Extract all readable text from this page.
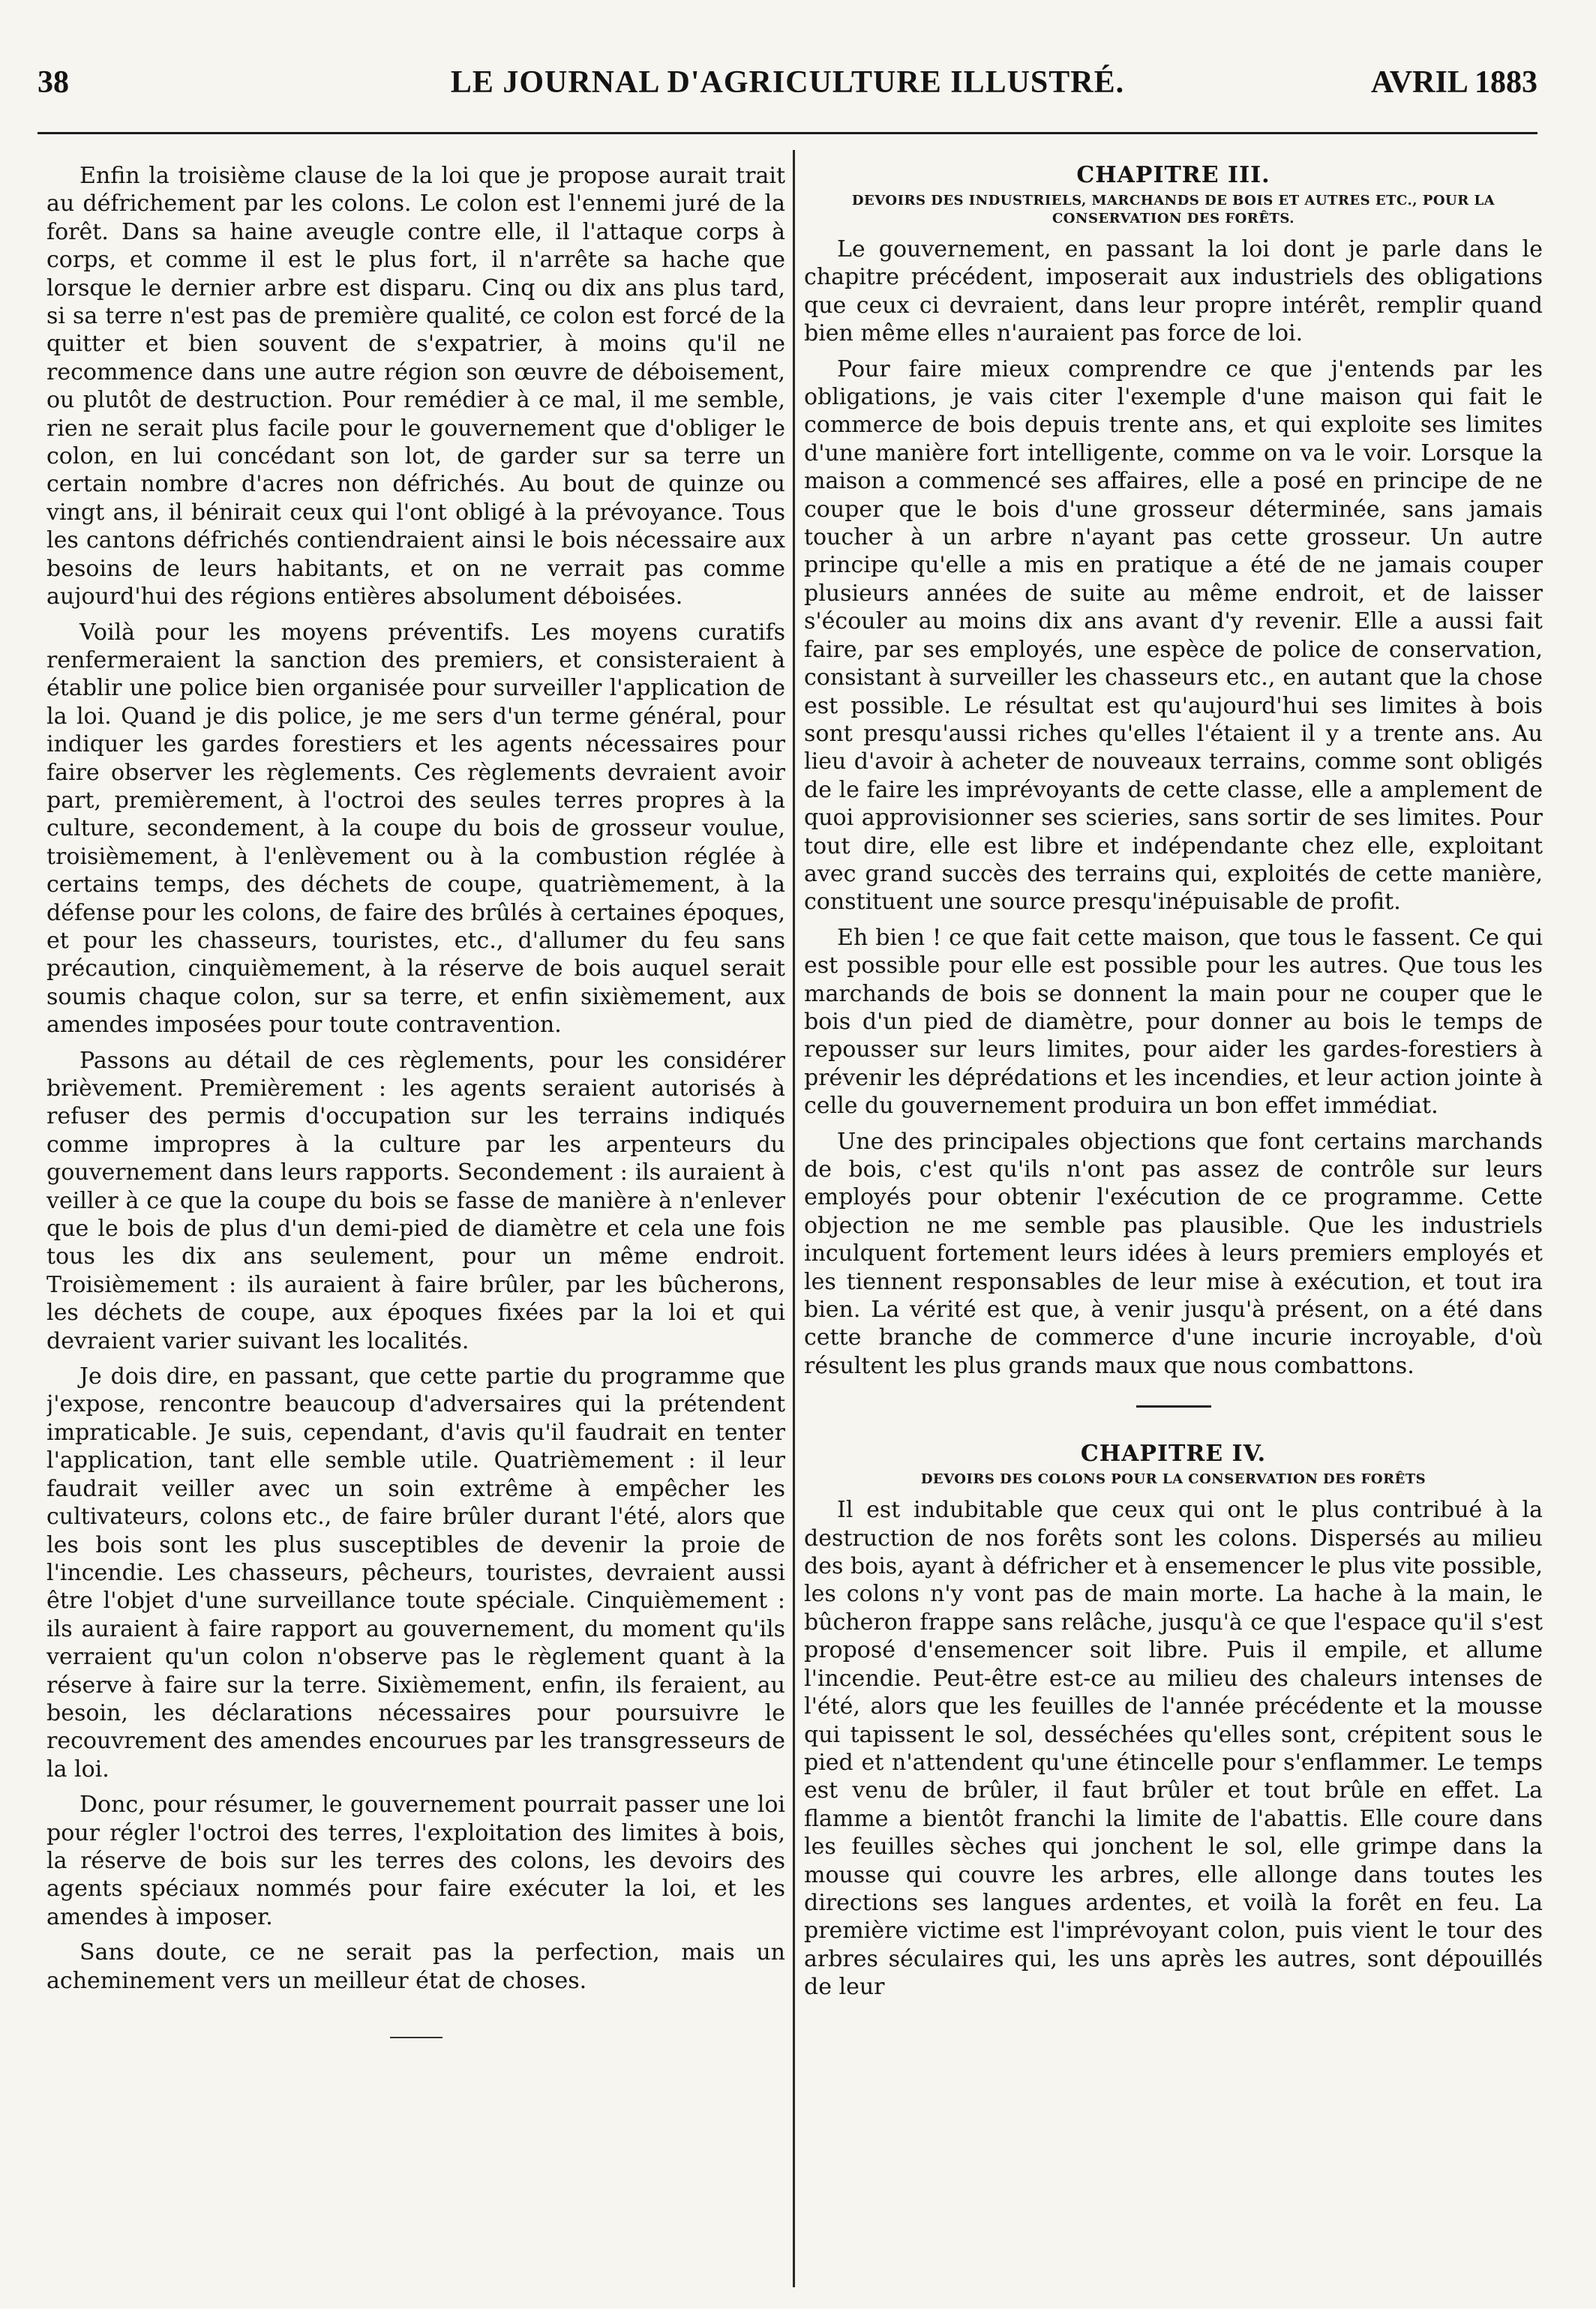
38	LE JOURNAL D'AGRICULTURE ILLUSTRÉ.	AVRIL 1883

Enfin la troisième clause de la loi que je propose aurait trait au défrichement par les colons. Le colon est l'ennemi juré de la forêt. Dans sa haine aveugle contre elle, il l'attaque corps à corps, et comme il est le plus fort, il n'arrête sa hache que lorsque le dernier arbre est disparu. Cinq ou dix ans plus tard, si sa terre n'est pas de première qualité, ce colon est forcé de la quitter et bien souvent de s'expatrier, à moins qu'il ne recommence dans une autre région son œuvre de déboisement, ou plutôt de destruction. Pour remédier à ce mal, il me semble, rien ne serait plus facile pour le gouvernement que d'obliger le colon, en lui concédant son lot, de garder sur sa terre un certain nombre d'acres non défrichés. Au bout de quinze ou vingt ans, il bénirait ceux qui l'ont obligé à la prévoyance. Tous les cantons défrichés contiendraient ainsi le bois nécessaire aux besoins de leurs habitants, et on ne verrait pas comme aujourd'hui des régions entières absolument déboisées.

Voilà pour les moyens préventifs. Les moyens curatifs renfermeraient la sanction des premiers, et consisteraient à établir une police bien organisée pour surveiller l'application de la loi. Quand je dis police, je me sers d'un terme général, pour indiquer les gardes forestiers et les agents nécessaires pour faire observer les règlements. Ces règlements devraient avoir part, premièrement, à l'octroi des seules terres propres à la culture, secondement, à la coupe du bois de grosseur voulue, troisièmement, à l'enlèvement ou à la combustion réglée à certains temps, des déchets de coupe, quatrièmement, à la défense pour les colons, de faire des brûlés à certaines époques, et pour les chasseurs, touristes, etc., d'allumer du feu sans précaution, cinquièmement, à la réserve de bois auquel serait soumis chaque colon, sur sa terre, et enfin sixièmement, aux amendes imposées pour toute contravention.

Passons au détail de ces règlements, pour les considérer brièvement. Premièrement : les agents seraient autorisés à refuser des permis d'occupation sur les terrains indiqués comme impropres à la culture par les arpenteurs du gouvernement dans leurs rapports. Secondement : ils auraient à veiller à ce que la coupe du bois se fasse de manière à n'enlever que le bois de plus d'un demi-pied de diamètre et cela une fois tous les dix ans seulement, pour un même endroit. Troisièmement : ils auraient à faire brûler, par les bûcherons, les déchets de coupe, aux époques fixées par la loi et qui devraient varier suivant les localités.

Je dois dire, en passant, que cette partie du programme que j'expose, rencontre beaucoup d'adversaires qui la prétendent impraticable. Je suis, cependant, d'avis qu'il faudrait en tenter l'application, tant elle semble utile. Quatrièmement : il leur faudrait veiller avec un soin extrême à empêcher les cultivateurs, colons etc., de faire brûler durant l'été, alors que les bois sont les plus susceptibles de devenir la proie de l'incendie. Les chasseurs, pêcheurs, touristes, devraient aussi être l'objet d'une surveillance toute spéciale. Cinquièmement : ils auraient à faire rapport au gouvernement, du moment qu'ils verraient qu'un colon n'observe pas le règlement quant à la réserve à faire sur la terre. Sixièmement, enfin, ils feraient, au besoin, les déclarations nécessaires pour poursuivre le recouvrement des amendes encourues par les transgresseurs de la loi.

Donc, pour résumer, le gouvernement pourrait passer une loi pour régler l'octroi des terres, l'exploitation des limites à bois, la réserve de bois sur les terres des colons, les devoirs des agents spéciaux nommés pour faire exécuter la loi, et les amendes à imposer.

Sans doute, ce ne serait pas la perfection, mais un acheminement vers un meilleur état de choses.

CHAPITRE III.
DEVOIRS DES INDUSTRIELS, MARCHANDS DE BOIS ET AUTRES ETC., POUR LA CONSERVATION DES FORÊTS.

Le gouvernement, en passant la loi dont je parle dans le chapitre précédent, imposerait aux industriels des obligations que ceux ci devraient, dans leur propre intérêt, remplir quand bien même elles n'auraient pas force de loi.

Pour faire mieux comprendre ce que j'entends par les obligations, je vais citer l'exemple d'une maison qui fait le commerce de bois depuis trente ans, et qui exploite ses limites d'une manière fort intelligente, comme on va le voir. Lorsque la maison a commencé ses affaires, elle a posé en principe de ne couper que le bois d'une grosseur déterminée, sans jamais toucher à un arbre n'ayant pas cette grosseur. Un autre principe qu'elle a mis en pratique a été de ne jamais couper plusieurs années de suite au même endroit, et de laisser s'écouler au moins dix ans avant d'y revenir. Elle a aussi fait faire, par ses employés, une espèce de police de conservation, consistant à surveiller les chasseurs etc., en autant que la chose est possible. Le résultat est qu'aujourd'hui ses limites à bois sont presqu'aussi riches qu'elles l'étaient il y a trente ans. Au lieu d'avoir à acheter de nouveaux terrains, comme sont obligés de le faire les imprévoyants de cette classe, elle a amplement de quoi approvisionner ses scieries, sans sortir de ses limites. Pour tout dire, elle est libre et indépendante chez elle, exploitant avec grand succès des terrains qui, exploités de cette manière, constituent une source presqu'inépuisable de profit.

Eh bien ! ce que fait cette maison, que tous le fassent. Ce qui est possible pour elle est possible pour les autres. Que tous les marchands de bois se donnent la main pour ne couper que le bois d'un pied de diamètre, pour donner au bois le temps de repousser sur leurs limites, pour aider les gardes-forestiers à prévenir les déprédations et les incendies, et leur action jointe à celle du gouvernement produira un bon effet immédiat.

Une des principales objections que font certains marchands de bois, c'est qu'ils n'ont pas assez de contrôle sur leurs employés pour obtenir l'exécution de ce programme. Cette objection ne me semble pas plausible. Que les industriels inculquent fortement leurs idées à leurs premiers employés et les tiennent responsables de leur mise à exécution, et tout ira bien. La vérité est que, à venir jusqu'à présent, on a été dans cette branche de commerce d'une incurie incroyable, d'où résultent les plus grands maux que nous combattons.

CHAPITRE IV.
DEVOIRS DES COLONS POUR LA CONSERVATION DES FORÊTS

Il est indubitable que ceux qui ont le plus contribué à la destruction de nos forêts sont les colons. Dispersés au milieu des bois, ayant à défricher et à ensemencer le plus vite possible, les colons n'y vont pas de main morte. La hache à la main, le bûcheron frappe sans relâche, jusqu'à ce que l'espace qu'il s'est proposé d'ensemencer soit libre. Puis il empile, et allume l'incendie. Peut-être est-ce au milieu des chaleurs intenses de l'été, alors que les feuilles de l'année précédente et la mousse qui tapissent le sol, desséchées qu'elles sont, crépitent sous le pied et n'attendent qu'une étincelle pour s'enflammer. Le temps est venu de brûler, il faut brûler et tout brûle en effet. La flamme a bientôt franchi la limite de l'abattis. Elle coure dans les feuilles sèches qui jonchent le sol, elle grimpe dans la mousse qui couvre les arbres, elle allonge dans toutes les directions ses langues ardentes, et voilà la forêt en feu. La première victime est l'imprévoyant colon, puis vient le tour des arbres séculaires qui, les uns après les autres, sont dépouillés de leur
